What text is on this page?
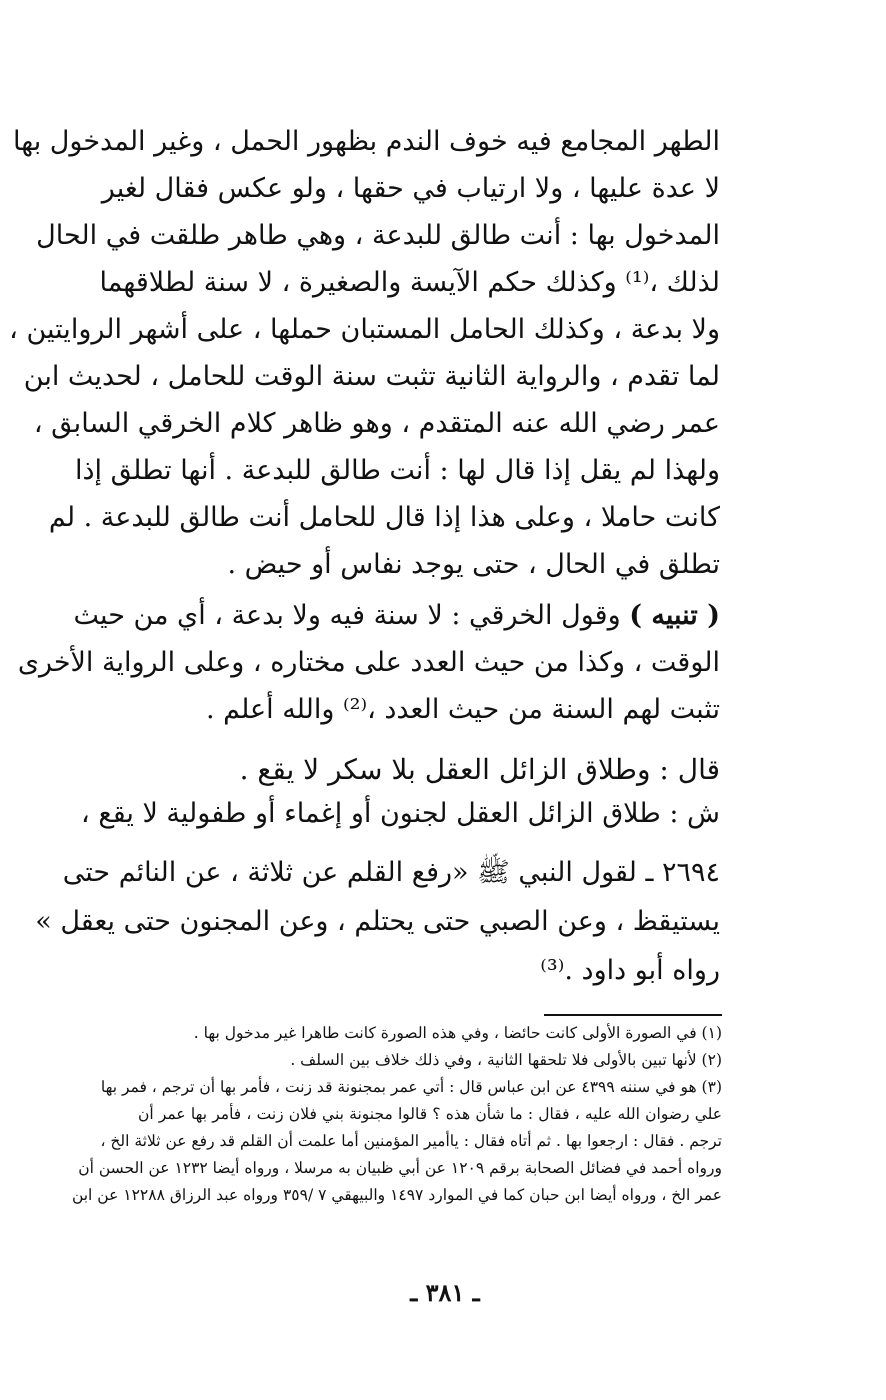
الطهر المجامع فيه خوف الندم بظهور الحمل ، وغير المدخول بها
لا عدة عليها ، ولا ارتياب في حقها ، ولو عكس فقال لغير
المدخول بها : أنت طالق للبدعة ، وهي طاهر طلقت في الحال
لذلك ،⁽¹⁾ وكذلك حكم الآيسة والصغيرة ، لا سنة لطلاقهما
ولا بدعة ، وكذلك الحامل المستبان حملها ، على أشهر الروايتين ،
لما تقدم ، والرواية الثانية تثبت سنة الوقت للحامل ، لحديث ابن
عمر رضي الله عنه المتقدم ، وهو ظاهر كلام الخرقي السابق ،
ولهذا لم يقل إذا قال لها : أنت طالق للبدعة . أنها تطلق إذا
كانت حاملا ، وعلى هذا إذا قال للحامل أنت طالق للبدعة . لم
تطلق في الحال ، حتى يوجد نفاس أو حيض .
( تنبيه ) وقول الخرقي : لا سنة فيه ولا بدعة ، أي من حيث
الوقت ، وكذا من حيث العدد على مختاره ، وعلى الرواية الأخرى
تثبت لهم السنة من حيث العدد ،⁽²⁾ والله أعلم .
قال : وطلاق الزائل العقل بلا سكر لا يقع .
ش : طلاق الزائل العقل لجنون أو إغماء أو طفولية لا يقع ،
٢٦٩٤ ـ لقول النبي ﷺ «رفع القلم عن ثلاثة ، عن النائم حتى
يستيقظ ، وعن الصبي حتى يحتلم ، وعن المجنون حتى يعقل »
رواه أبو داود .⁽³⁾
(١) في الصورة الأولى كانت حائضا ، وفي هذه الصورة كانت طاهرا غير مدخول بها .
(٢) لأنها تبين بالأولى فلا تلحقها الثانية ، وفي ذلك خلاف بين السلف .
(٣) هو في سننه ٤٣٩٩ عن ابن عباس قال : أتي عمر بمجنونة قد زنت ، فأمر بها أن ترجم ، فمر بها
علي رضوان الله عليه ، فقال : ما شأن هذه ؟ قالوا مجنونة بني فلان زنت ، فأمر بها عمر أن
ترجم . فقال : ارجعوا بها . ثم أتاه فقال : ياأمير المؤمنين أما علمت أن القلم قد رفع عن ثلاثة الخ ،
ورواه أحمد في فضائل الصحابة برقم ١٢٠٩ عن أبي ظبيان به مرسلا ، ورواه أيضا ١٢٣٢ عن الحسن أن
عمر الخ ، ورواه أيضا ابن حبان كما في الموارد ١٤٩٧ والبيهقي ٧ /٣٥٩ ورواه عبد الرزاق ١٢٢٨٨ عن ابن
ـ ٣٨١ ـ
